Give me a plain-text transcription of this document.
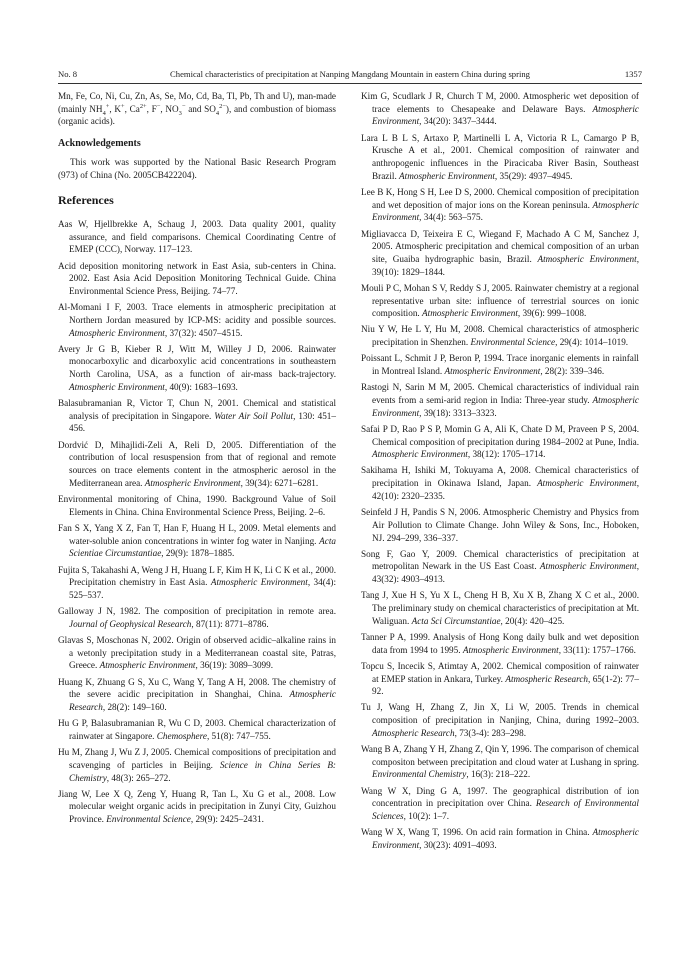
No. 8	Chemical characteristics of precipitation at Nanping Mangdang Mountain in eastern China during spring	1357

Mn, Fe, Co, Ni, Cu, Zn, As, Se, Mo, Cd, Ba, Tl, Pb, Th and U), man-made (mainly $NH_4^+$, K+, $Ca^{2+}$, F−, $NO_3^-$ and $SO_4^{2-}$), and combustion of biomass (organic acids).

Acknowledgements

This work was supported by the National Basic Research Program (973) of China (No. 2005CB422204).

References

Aas W, Hjellbrekke A, Schaug J, 2003. Data quality 2001, quality assurance, and field comparisons. Chemical Coordinating Centre of EMEP (CCC), Norway. 117–123.

Acid deposition monitoring network in East Asia, sub-centers in China. 2002. East Asia Acid Deposition Monitoring Technical Guide. China Environmental Science Press, Beijing. 74–77.

Al-Momani I F, 2003. Trace elements in atmospheric precipitation at Northern Jordan measured by ICP-MS: acidity and possible sources. Atmospheric Environment, 37(32): 4507–4515.

Avery Jr G B, Kieber R J, Witt M, Willey J D, 2006. Rainwater monocarboxylic and dicarboxylic acid concentrations in southeastern North Carolina, USA, as a function of air-mass back-trajectory. Atmospheric Environment, 40(9): 1683–1693.

Balasubramanian R, Victor T, Chun N, 2001. Chemical and statistical analysis of precipitation in Singapore. Water Air Soil Pollut, 130: 451–456.

Dordvić D, Mihajlidi-Zeli A, Reli D, 2005. Differentiation of the contribution of local resuspension from that of regional and remote sources on trace elements content in the atmospheric aerosol in the Mediterranean area. Atmospheric Environment, 39(34): 6271–6281.

Environmental monitoring of China, 1990. Background Value of Soil Elements in China. China Environmental Science Press, Beijing. 2–6.

Fan S X, Yang X Z, Fan T, Han F, Huang H L, 2009. Metal elements and water-soluble anion concentrations in winter fog water in Nanjing. Acta Scientiae Circumstantiae, 29(9): 1878–1885.

Fujita S, Takahashi A, Weng J H, Huang L F, Kim H K, Li C K et al., 2000. Precipitation chemistry in East Asia. Atmospheric Environment, 34(4): 525–537.

Galloway J N, 1982. The composition of precipitation in remote area. Journal of Geophysical Research, 87(11): 8771–8786.

Glavas S, Moschonas N, 2002. Origin of observed acidic–alkaline rains in a wetonly precipitation study in a Mediterranean coastal site, Patras, Greece. Atmospheric Environment, 36(19): 3089–3099.

Huang K, Zhuang G S, Xu C, Wang Y, Tang A H, 2008. The chemistry of the severe acidic precipitation in Shanghai, China. Atmospheric Research, 28(2): 149–160.

Hu G P, Balasubramanian R, Wu C D, 2003. Chemical characterization of rainwater at Singapore. Chemosphere, 51(8): 747–755.

Hu M, Zhang J, Wu Z J, 2005. Chemical compositions of precipitation and scavenging of particles in Beijing. Science in China Series B: Chemistry, 48(3): 265–272.

Jiang W, Lee X Q, Zeng Y, Huang R, Tan L, Xu G et al., 2008. Low molecular weight organic acids in precipitation in Zunyi City, Guizhou Province. Environmental Science, 29(9): 2425–2431.

Kim G, Scudlark J R, Church T M, 2000. Atmospheric wet deposition of trace elements to Chesapeake and Delaware Bays. Atmospheric Environment, 34(20): 3437–3444.

Lara L B L S, Artaxo P, Martinelli L A, Victoria R L, Camargo P B, Krusche A et al., 2001. Chemical composition of rainwater and anthropogenic influences in the Piracicaba River Basin, Southeast Brazil. Atmospheric Environment, 35(29): 4937–4945.

Lee B K, Hong S H, Lee D S, 2000. Chemical composition of precipitation and wet deposition of major ions on the Korean peninsula. Atmospheric Environment, 34(4): 563–575.

Migliavacca D, Teixeira E C, Wiegand F, Machado A C M, Sanchez J, 2005. Atmospheric precipitation and chemical composition of an urban site, Guaiba hydrographic basin, Brazil. Atmospheric Environment, 39(10): 1829–1844.

Mouli P C, Mohan S V, Reddy S J, 2005. Rainwater chemistry at a regional representative urban site: influence of terrestrial sources on ionic composition. Atmospheric Environment, 39(6): 999–1008.

Niu Y W, He L Y, Hu M, 2008. Chemical characteristics of atmospheric precipitation in Shenzhen. Environmental Science, 29(4): 1014–1019.

Poissant L, Schmit J P, Beron P, 1994. Trace inorganic elements in rainfall in Montreal Island. Atmospheric Environment, 28(2): 339–346.

Rastogi N, Sarin M M, 2005. Chemical characteristics of individual rain events from a semi-arid region in India: Three-year study. Atmospheric Environment, 39(18): 3313–3323.

Safai P D, Rao P S P, Momin G A, Ali K, Chate D M, Praveen P S, 2004. Chemical composition of precipitation during 1984–2002 at Pune, India. Atmospheric Environment, 38(12): 1705–1714.

Sakihama H, Ishiki M, Tokuyama A, 2008. Chemical characteristics of precipitation in Okinawa Island, Japan. Atmospheric Environment, 42(10): 2320–2335.

Seinfeld J H, Pandis S N, 2006. Atmospheric Chemistry and Physics from Air Pollution to Climate Change. John Wiley & Sons, Inc., Hoboken, NJ. 294–299, 336–337.

Song F, Gao Y, 2009. Chemical characteristics of precipitation at metropolitan Newark in the US East Coast. Atmospheric Environment, 43(32): 4903–4913.

Tang J, Xue H S, Yu X L, Cheng H B, Xu X B, Zhang X C et al., 2000. The preliminary study on chemical characteristics of precipitation at Mt. Waliguan. Acta Sci Circumstantiae, 20(4): 420–425.

Tanner P A, 1999. Analysis of Hong Kong daily bulk and wet deposition data from 1994 to 1995. Atmospheric Environment, 33(11): 1757–1766.

Topcu S, Incecik S, Atimtay A, 2002. Chemical composition of rainwater at EMEP station in Ankara, Turkey. Atmospheric Research, 65(1-2): 77–92.

Tu J, Wang H, Zhang Z, Jin X, Li W, 2005. Trends in chemical composition of precipitation in Nanjing, China, during 1992–2003. Atmospheric Research, 73(3-4): 283–298.

Wang B A, Zhang Y H, Zhang Z, Qin Y, 1996. The comparison of chemical compositon between precipitation and cloud water at Lushang in spring. Environmental Chemistry, 16(3): 218–222.

Wang W X, Ding G A, 1997. The geographical distribution of ion concentration in precipitation over China. Research of Environmental Sciences, 10(2): 1–7.

Wang W X, Wang T, 1996. On acid rain formation in China. Atmospheric Environment, 30(23): 4091–4093.
